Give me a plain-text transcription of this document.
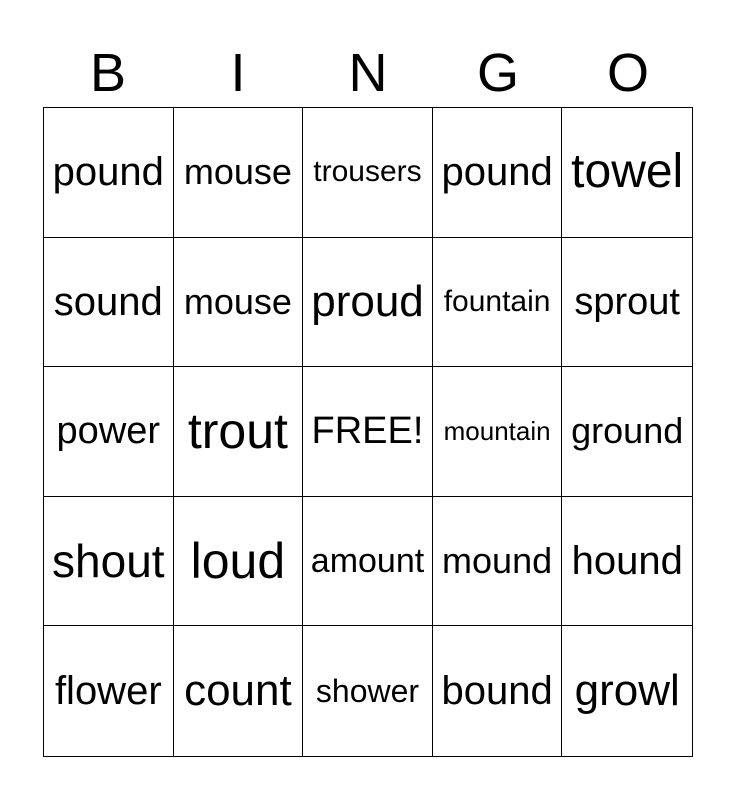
B	I	N	G	O
pound mouse trousers pound towel
sound mouse proud fountain sprout
power trout FREE! mountain ground
shout loud amount mound hound
flower count shower bound growl
